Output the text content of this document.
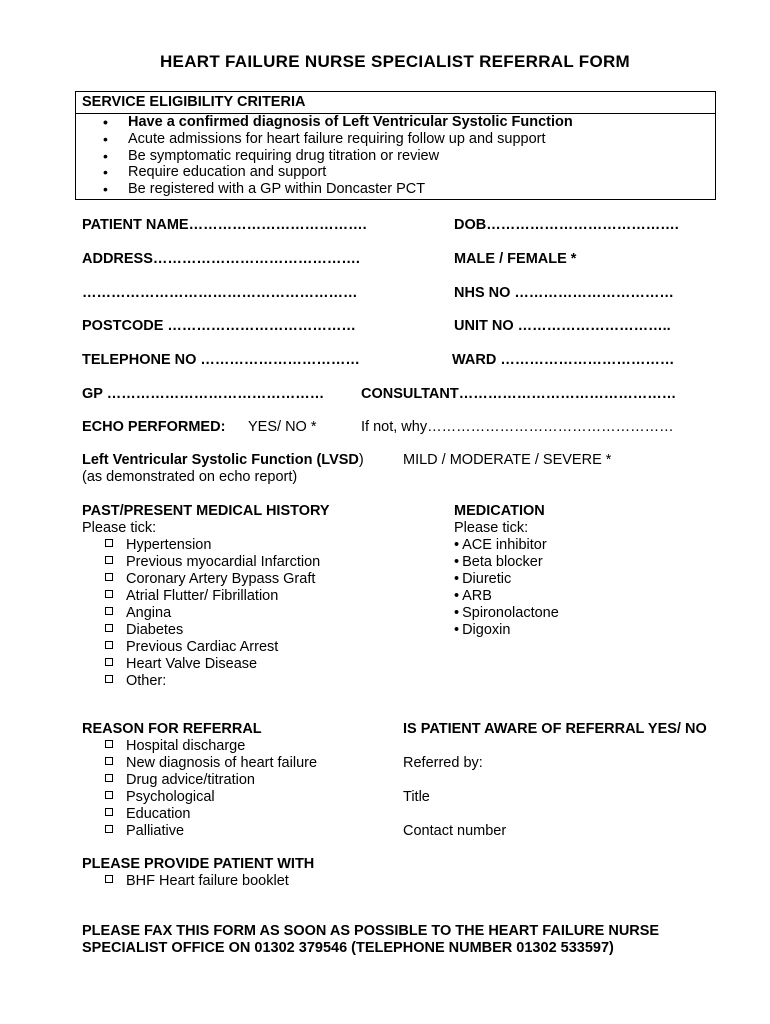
HEART FAILURE NURSE SPECIALIST REFERRAL FORM
SERVICE ELIGIBILITY CRITERIA
• Have a confirmed diagnosis of Left Ventricular Systolic Function
• Acute admissions for heart failure requiring follow up and support
• Be symptomatic requiring drug titration or review
• Require education and support
• Be registered with a GP within Doncaster PCT
PATIENT NAME……………………………….	DOB………………………………….
ADDRESS…………………………………….	MALE / FEMALE *
…………………………………………………	NHS NO ……………………………
POSTCODE …………………………………	UNIT NO …………………………..
TELEPHONE NO ……………………………	WARD ………………………………
GP ………………………………………	CONSULTANT………………………………………
ECHO PERFORMED: YES/ NO *	If not, why……………………………………………
Left Ventricular Systolic Function (LVSD)	MILD / MODERATE / SEVERE *
(as demonstrated on echo report)
PAST/PRESENT MEDICAL HISTORY
Please tick:
Hypertension
Previous myocardial Infarction
Coronary Artery Bypass Graft
Atrial Flutter/ Fibrillation
Angina
Diabetes
Previous Cardiac Arrest
Heart Valve Disease
Other:
MEDICATION
Please tick:
• ACE inhibitor
• Beta blocker
• Diuretic
• ARB
• Spironolactone
• Digoxin
REASON FOR REFERRAL
Hospital discharge
New diagnosis of heart failure
Drug advice/titration
Psychological
Education
Palliative
IS PATIENT AWARE OF REFERRAL YES/ NO
Referred by:
Title
Contact number
PLEASE PROVIDE PATIENT WITH
BHF Heart failure booklet
PLEASE FAX THIS FORM AS SOON AS POSSIBLE TO THE HEART FAILURE NURSE
SPECIALIST OFFICE ON 01302 379546 (TELEPHONE NUMBER 01302 533597)
